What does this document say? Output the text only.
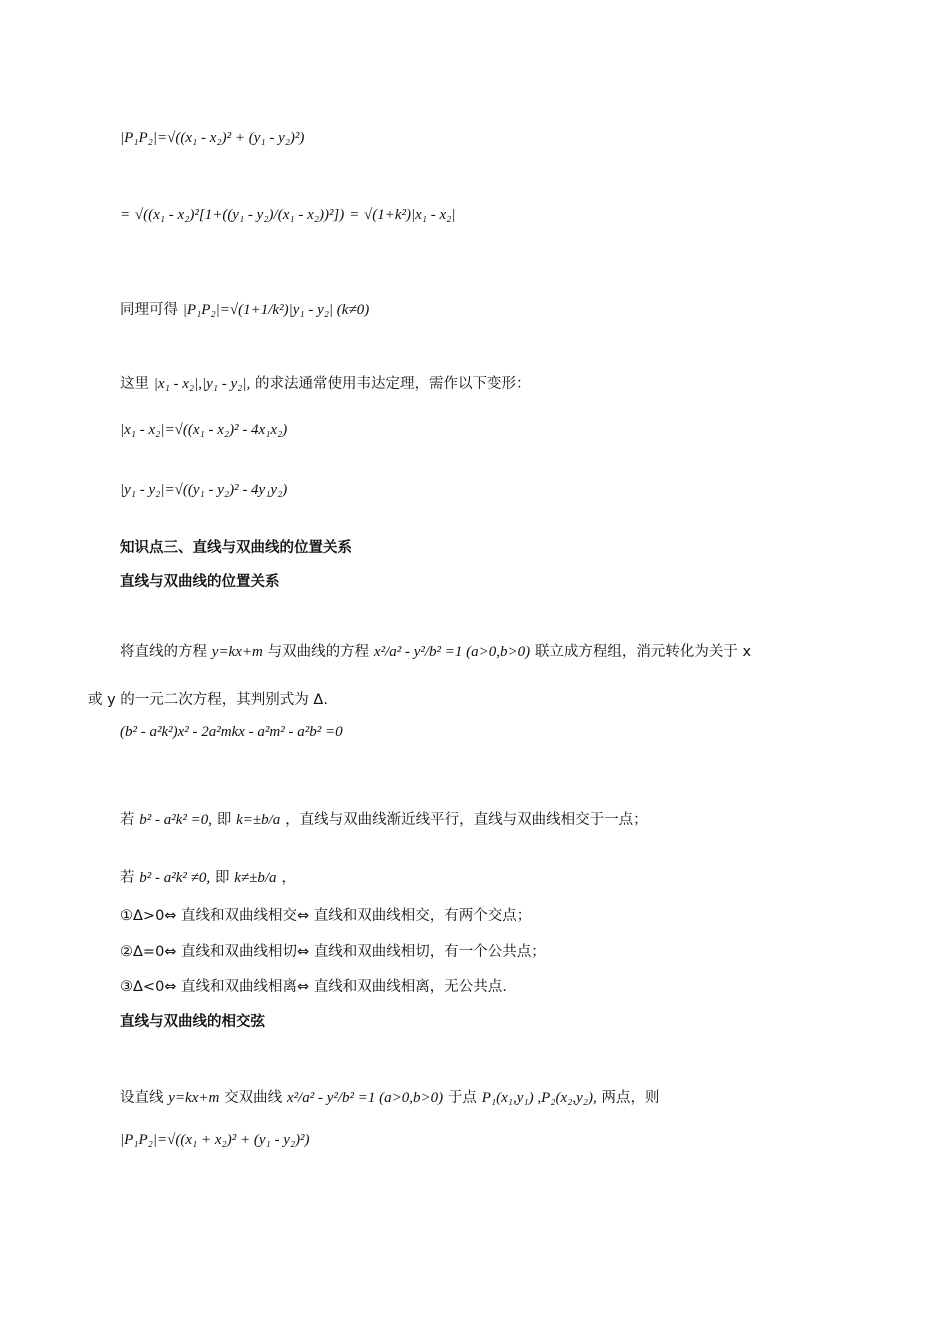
|P₁P₂|=√((x₁ - x₂)² + (y₁ - y₂)²)
= √((x₁ - x₂)²[1+((y₁ - y₂)/(x₁ - x₂))²]) = √(1+k²)|x₁ - x₂|
同理可得 |P₁P₂|=√(1+1/k²)|y₁ - y₂| (k≠0)
这里 |x₁ - x₂|,|y₁ - y₂|, 的求法通常使用韦达定理，需作以下变形：
|x₁ - x₂|=√((x₁ - x₂)² - 4x₁x₂)
|y₁ - y₂|=√((y₁ - y₂)² - 4y₁y₂)
知识点三、直线与双曲线的位置关系
直线与双曲线的位置关系
将直线的方程 y=kx+m 与双曲线的方程 x²/a² - y²/b² =1 (a>0,b>0) 联立成方程组，消元转化为关于 x
或 y 的一元二次方程，其判别式为 Δ.
(b² - a²k²)x² - 2a²mkx - a²m² - a²b² =0
若 b² - a²k² =0, 即 k=±b/a ，直线与双曲线渐近线平行，直线与双曲线相交于一点；
若 b² - a²k² ≠0, 即 k≠±b/a ，
①Δ>0⇔ 直线和双曲线相交⇔ 直线和双曲线相交，有两个交点；
②Δ=0⇔ 直线和双曲线相切⇔ 直线和双曲线相切，有一个公共点；
③Δ<0⇔ 直线和双曲线相离⇔ 直线和双曲线相离，无公共点.
直线与双曲线的相交弦
设直线 y=kx+m 交双曲线 x²/a² - y²/b² =1 (a>0,b>0) 于点 P₁(x₁,y₁) ,P₂(x₂,y₂), 两点，则
|P₁P₂|=√((x₁ + x₂)² + (y₁ - y₂)²)
